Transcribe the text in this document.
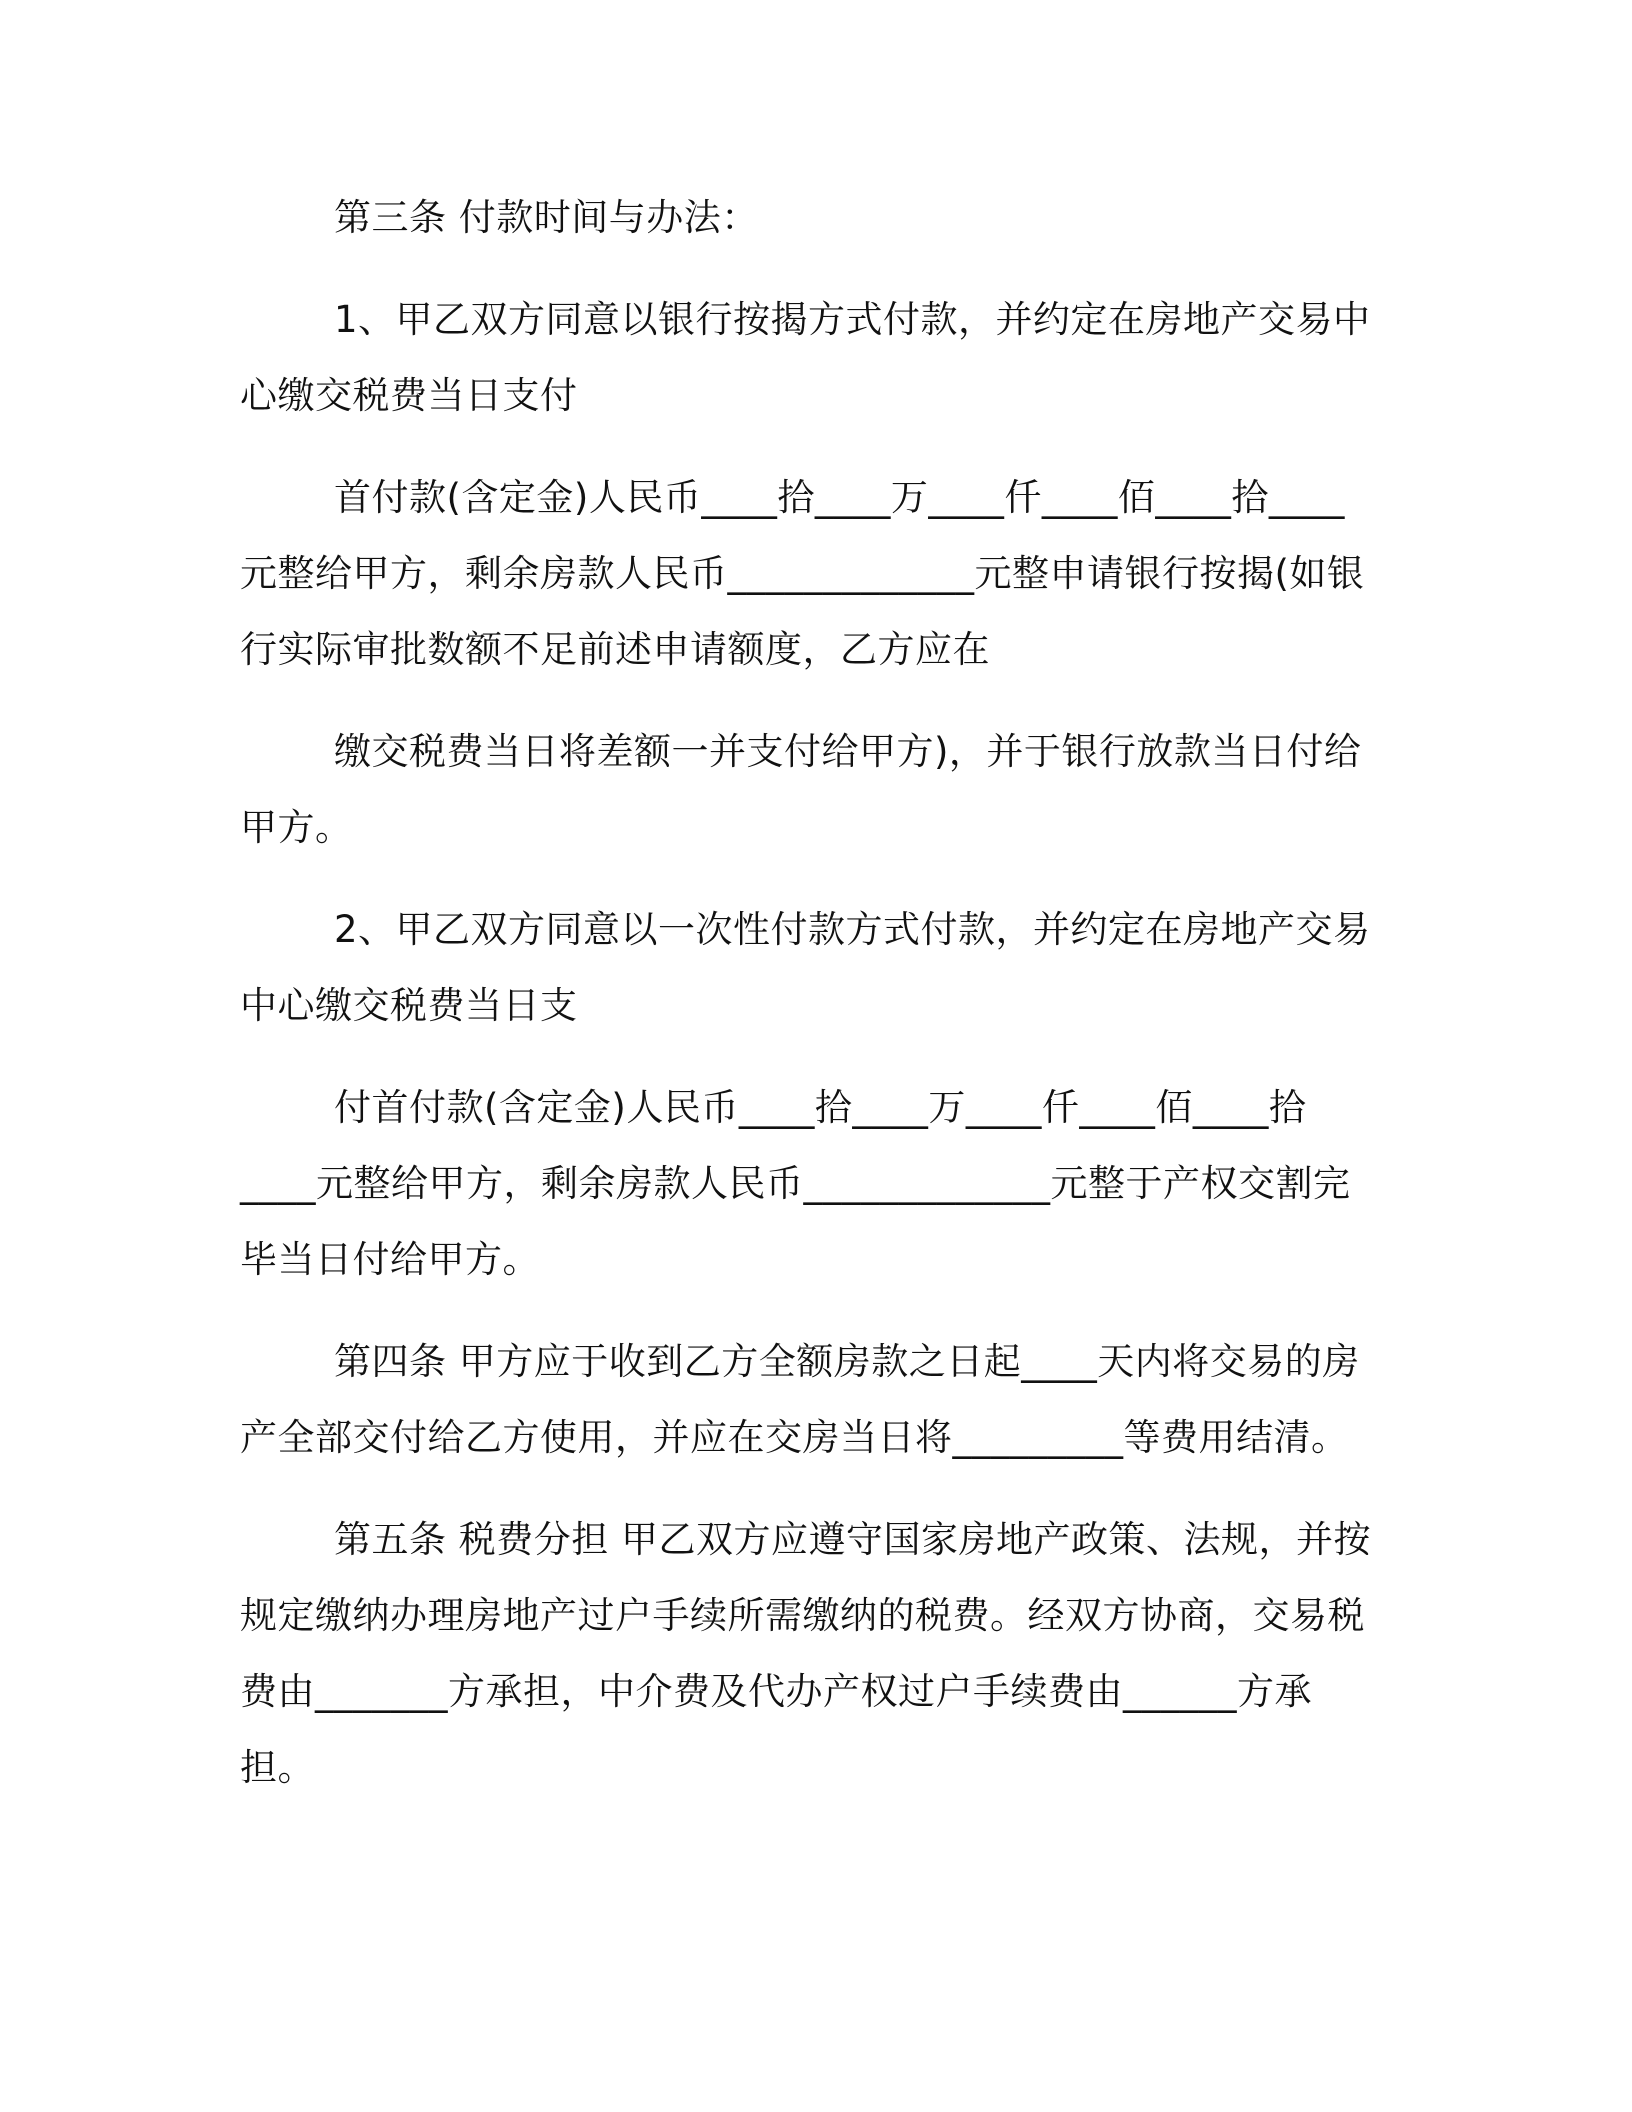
第三条 付款时间与办法：
1、甲乙双方同意以银行按揭方式付款，并约定在房地产交易中
心缴交税费当日支付
首付款(含定金)人民币____拾____万____仟____佰____拾____
元整给甲方，剩余房款人民币_____________元整申请银行按揭(如银
行实际审批数额不足前述申请额度，乙方应在
缴交税费当日将差额一并支付给甲方)，并于银行放款当日付给
甲方。
2、甲乙双方同意以一次性付款方式付款，并约定在房地产交易
中心缴交税费当日支
付首付款(含定金)人民币____拾____万____仟____佰____拾
____元整给甲方，剩余房款人民币_____________元整于产权交割完
毕当日付给甲方。
第四条 甲方应于收到乙方全额房款之日起____天内将交易的房
产全部交付给乙方使用，并应在交房当日将_________等费用结清。
第五条 税费分担 甲乙双方应遵守国家房地产政策、法规，并按
规定缴纳办理房地产过户手续所需缴纳的税费。经双方协商，交易税
费由_______方承担，中介费及代办产权过户手续费由______方承
担。
